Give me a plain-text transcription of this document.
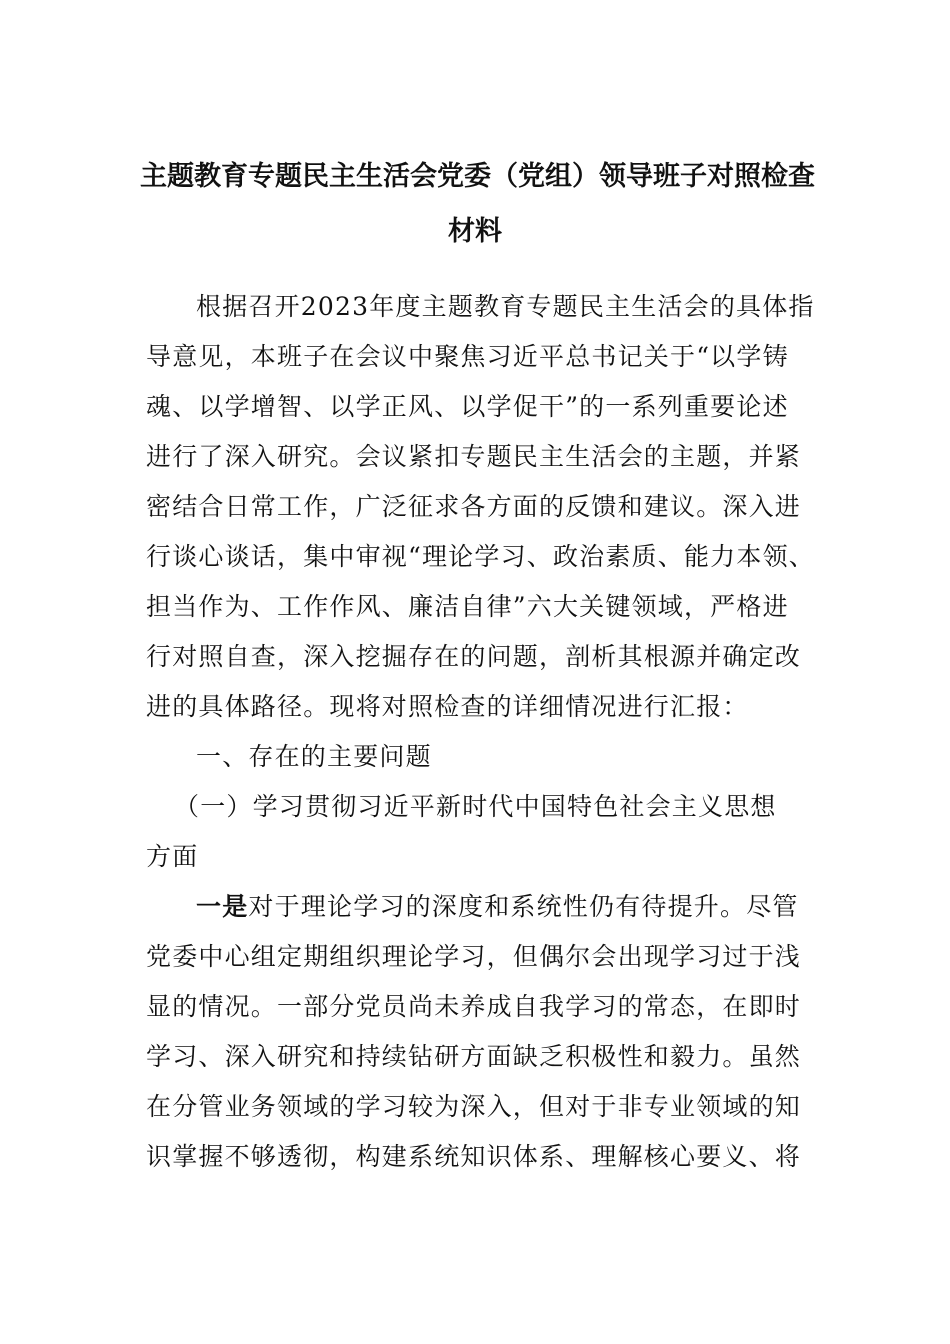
主题教育专题民主生活会党委（党组）领导班子对照检查
材料
根据召开2023年度主题教育专题民主生活会的具体指
导意见，本班子在会议中聚焦习近平总书记关于“以学铸
魂、以学增智、以学正风、以学促干”的一系列重要论述
进行了深入研究。会议紧扣专题民主生活会的主题，并紧
密结合日常工作，广泛征求各方面的反馈和建议。深入进
行谈心谈话，集中审视“理论学习、政治素质、能力本领、
担当作为、工作作风、廉洁自律”六大关键领域，严格进
行对照自查，深入挖掘存在的问题，剖析其根源并确定改
进的具体路径。现将对照检查的详细情况进行汇报：
一、存在的主要问题
（一）学习贯彻习近平新时代中国特色社会主义思想
方面
一是对于理论学习的深度和系统性仍有待提升。尽管
党委中心组定期组织理论学习，但偶尔会出现学习过于浅
显的情况。一部分党员尚未养成自我学习的常态，在即时
学习、深入研究和持续钻研方面缺乏积极性和毅力。虽然
在分管业务领域的学习较为深入，但对于非专业领域的知
识掌握不够透彻，构建系统知识体系、理解核心要义、将
